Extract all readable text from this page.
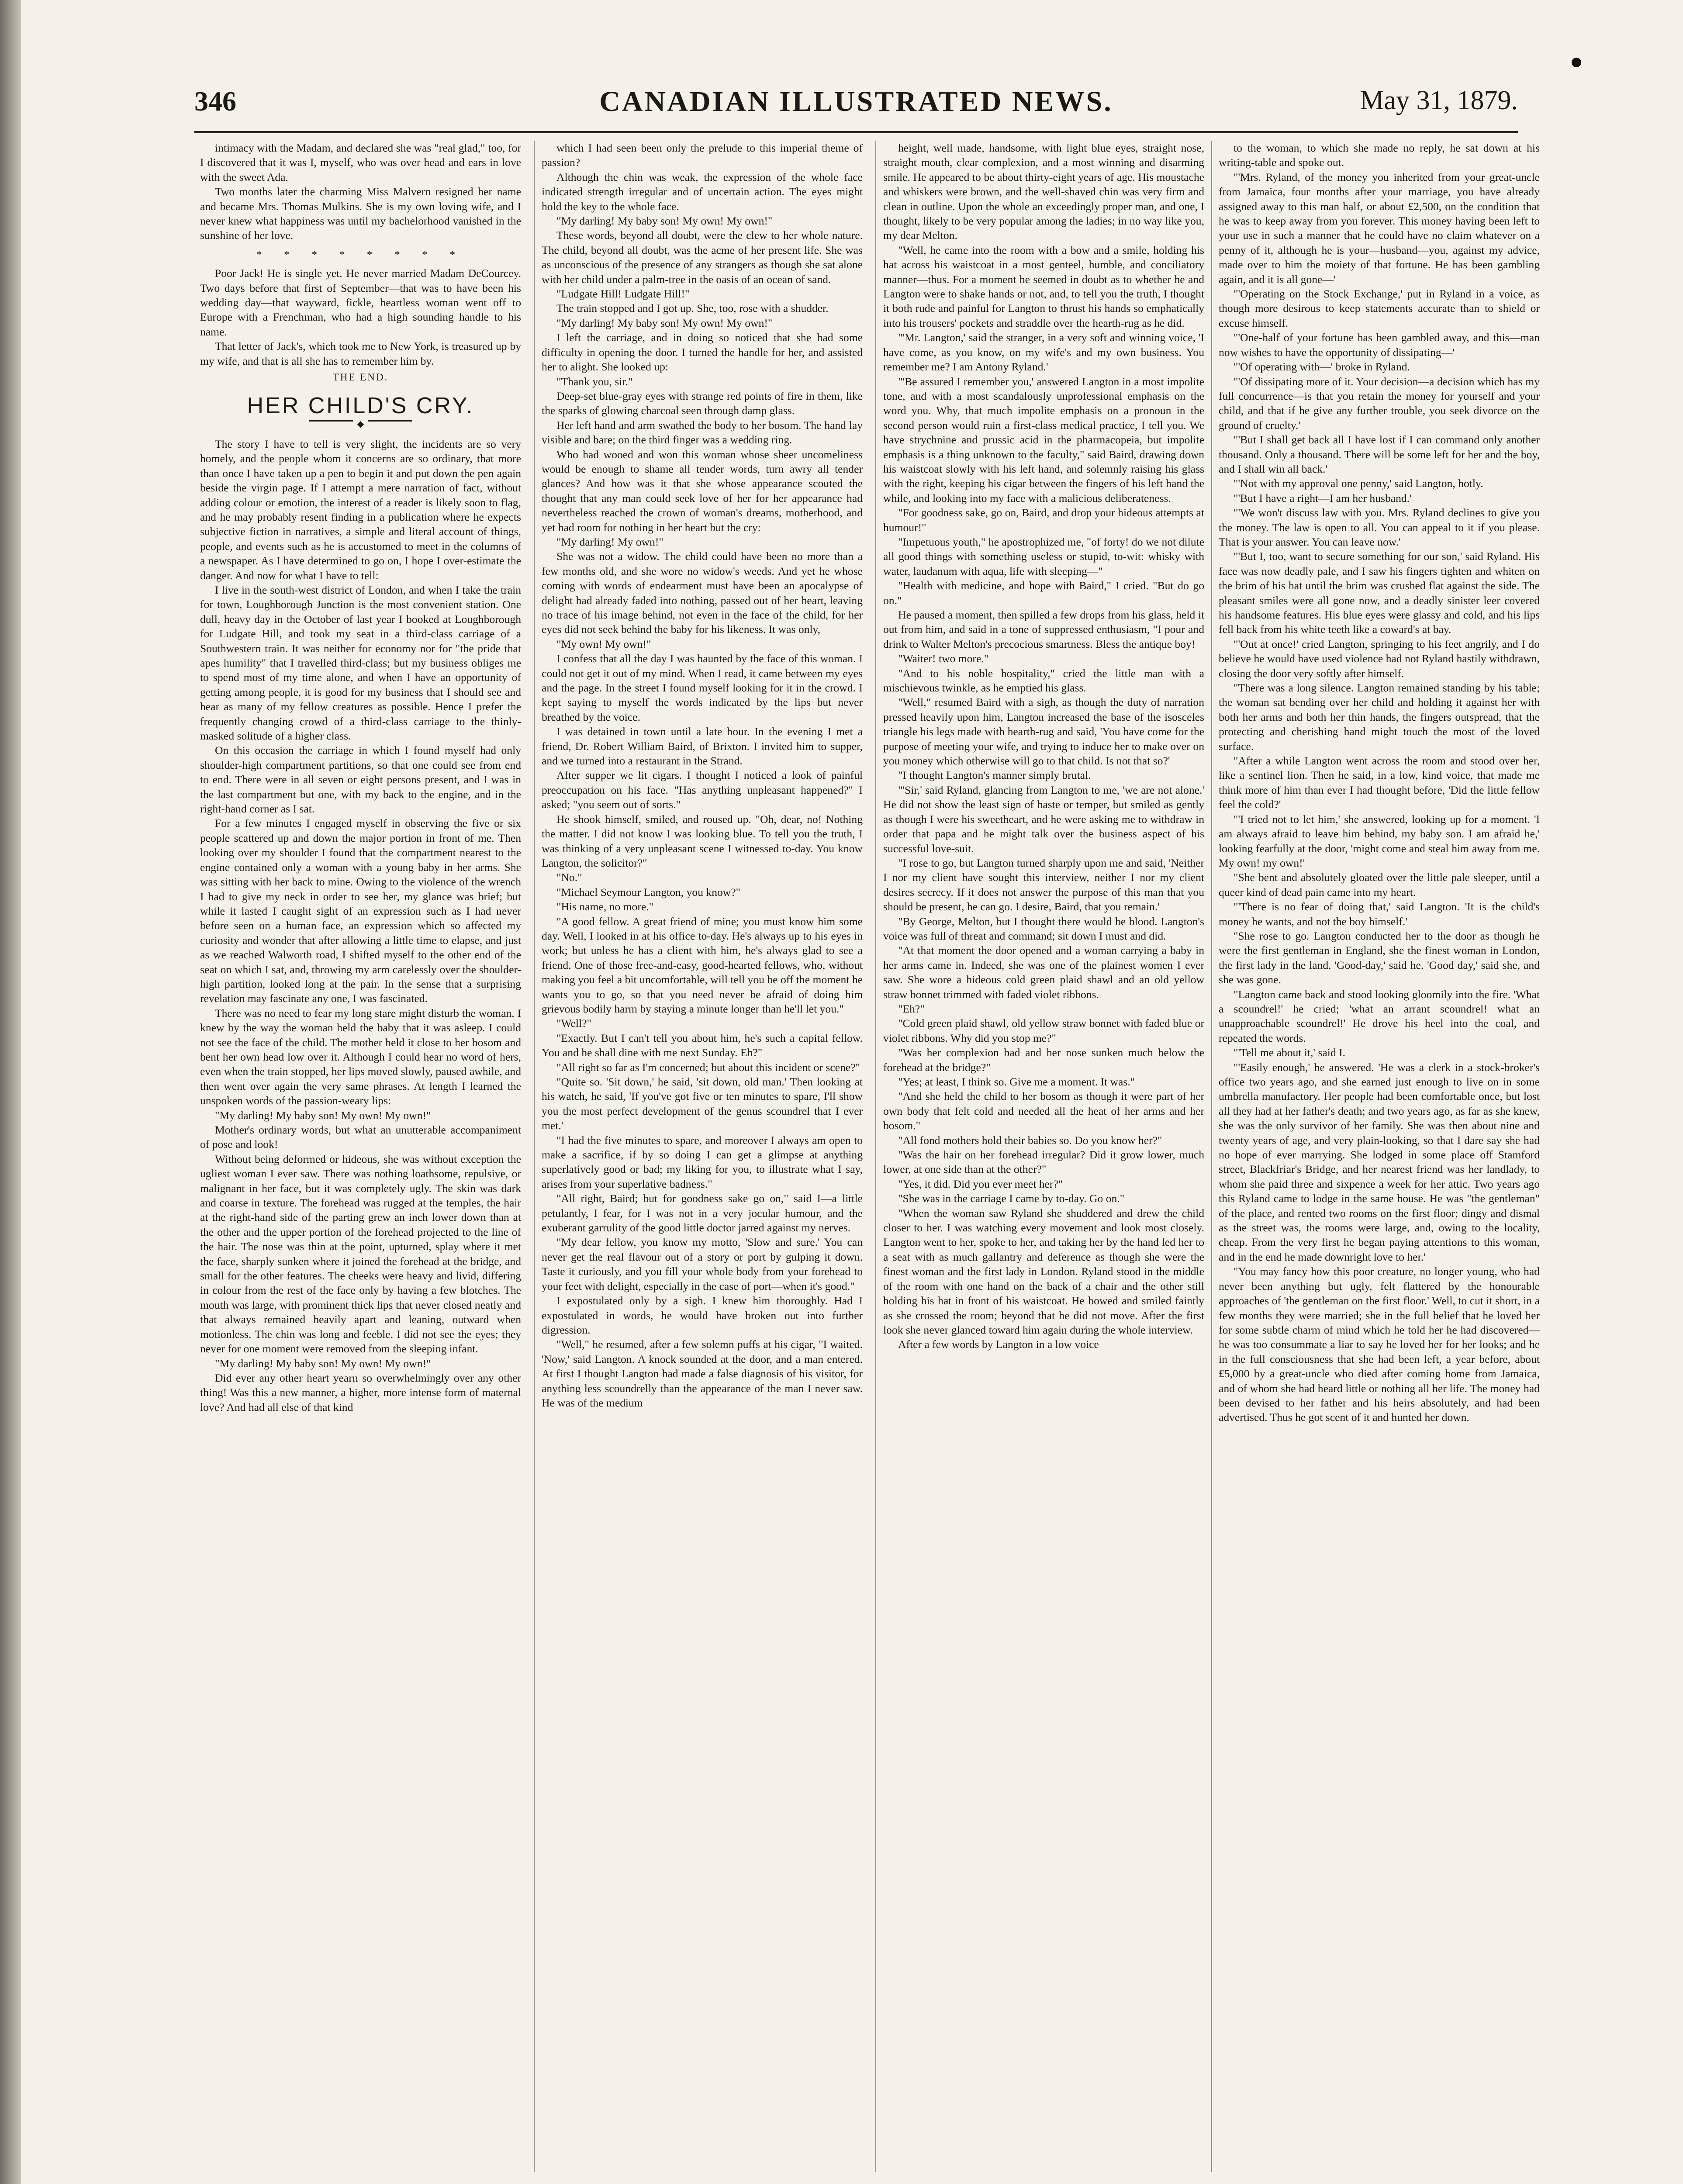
346	CANADIAN ILLUSTRATED NEWS.	May 31, 1879.

intimacy with the Madam, and declared she was "real glad," too, for I discovered that it was I, myself, who was over head and ears in love with the sweet Ada.

Two months later the charming Miss Malvern resigned her name and became Mrs. Thomas Mulkins. She is my own loving wife, and I never knew what happiness was until my bachelorhood vanished in the sunshine of her love.

* * * * * * * *

Poor Jack! He is single yet. He never married Madam DeCourcey. Two days before that first of September—that was to have been his wedding day—that wayward, fickle, heartless woman went off to Europe with a Frenchman, who had a high sounding handle to his name.

That letter of Jack's, which took me to New York, is treasured up by my wife, and that is all she has to remember him by.

THE END.

HER CHILD'S CRY.
◆

The story I have to tell is very slight, the incidents are so very homely, and the people whom it concerns are so ordinary, that more than once I have taken up a pen to begin it and put down the pen again beside the virgin page. If I attempt a mere narration of fact, without adding colour or emotion, the interest of a reader is likely soon to flag, and he may probably resent finding in a publication where he expects subjective fiction in narratives, a simple and literal account of things, people, and events such as he is accustomed to meet in the columns of a newspaper. As I have determined to go on, I hope I over-estimate the danger. And now for what I have to tell:

I live in the south-west district of London, and when I take the train for town, Loughborough Junction is the most convenient station. One dull, heavy day in the October of last year I booked at Loughborough for Ludgate Hill, and took my seat in a third-class carriage of a Southwestern train. It was neither for economy nor for "the pride that apes humility" that I travelled third-class; but my business obliges me to spend most of my time alone, and when I have an opportunity of getting among people, it is good for my business that I should see and hear as many of my fellow creatures as possible. Hence I prefer the frequently changing crowd of a third-class carriage to the thinly-masked solitude of a higher class.

On this occasion the carriage in which I found myself had only shoulder-high compartment partitions, so that one could see from end to end. There were in all seven or eight persons present, and I was in the last compartment but one, with my back to the engine, and in the right-hand corner as I sat.

For a few minutes I engaged myself in observing the five or six people scattered up and down the major portion in front of me. Then looking over my shoulder I found that the compartment nearest to the engine contained only a woman with a young baby in her arms. She was sitting with her back to mine. Owing to the violence of the wrench I had to give my neck in order to see her, my glance was brief; but while it lasted I caught sight of an expression such as I had never before seen on a human face, an expression which so affected my curiosity and wonder that after allowing a little time to elapse, and just as we reached Walworth road, I shifted myself to the other end of the seat on which I sat, and, throwing my arm carelessly over the shoulder-high partition, looked long at the pair. In the sense that a surprising revelation may fascinate any one, I was fascinated.

There was no need to fear my long stare might disturb the woman. I knew by the way the woman held the baby that it was asleep. I could not see the face of the child. The mother held it close to her bosom and bent her own head low over it. Although I could hear no word of hers, even when the train stopped, her lips moved slowly, paused awhile, and then went over again the very same phrases. At length I learned the unspoken words of the passion-weary lips:

"My darling! My baby son! My own! My own!"

Mother's ordinary words, but what an unutterable accompaniment of pose and look!

Without being deformed or hideous, she was without exception the ugliest woman I ever saw. There was nothing loathsome, repulsive, or malignant in her face, but it was completely ugly. The skin was dark and coarse in texture. The forehead was rugged at the temples, the hair at the right-hand side of the parting grew an inch lower down than at the other and the upper portion of the forehead projected to the line of the hair. The nose was thin at the point, upturned, splay where it met the face, sharply sunken where it joined the forehead at the bridge, and small for the other features. The cheeks were heavy and livid, differing in colour from the rest of the face only by having a few blotches. The mouth was large, with prominent thick lips that never closed neatly and that always remained heavily apart and leaning, outward when motionless. The chin was long and feeble. I did not see the eyes; they never for one moment were removed from the sleeping infant.

"My darling! My baby son! My own! My own!"

Did ever any other heart yearn so overwhelmingly over any other thing! Was this a new manner, a higher, more intense form of maternal love? And had all else of that kind

which I had seen been only the prelude to this imperial theme of passion?

Although the chin was weak, the expression of the whole face indicated strength irregular and of uncertain action. The eyes might hold the key to the whole face.

"My darling! My baby son! My own! My own!"

These words, beyond all doubt, were the clew to her whole nature. The child, beyond all doubt, was the acme of her present life. She was as unconscious of the presence of any strangers as though she sat alone with her child under a palm-tree in the oasis of an ocean of sand.

"Ludgate Hill! Ludgate Hill!"

The train stopped and I got up. She, too, rose with a shudder.

"My darling! My baby son! My own! My own!"

I left the carriage, and in doing so noticed that she had some difficulty in opening the door. I turned the handle for her, and assisted her to alight. She looked up:

"Thank you, sir."

Deep-set blue-gray eyes with strange red points of fire in them, like the sparks of glowing charcoal seen through damp glass.

Her left hand and arm swathed the body to her bosom. The hand lay visible and bare; on the third finger was a wedding ring.

Who had wooed and won this woman whose sheer uncomeliness would be enough to shame all tender words, turn awry all tender glances? And how was it that she whose appearance scouted the thought that any man could seek love of her for her appearance had nevertheless reached the crown of woman's dreams, motherhood, and yet had room for nothing in her heart but the cry:

"My darling! My own!"

She was not a widow. The child could have been no more than a few months old, and she wore no widow's weeds. And yet he whose coming with words of endearment must have been an apocalypse of delight had already faded into nothing, passed out of her heart, leaving no trace of his image behind, not even in the face of the child, for her eyes did not seek behind the baby for his likeness. It was only,

"My own! My own!"

I confess that all the day I was haunted by the face of this woman. I could not get it out of my mind. When I read, it came between my eyes and the page. In the street I found myself looking for it in the crowd. I kept saying to myself the words indicated by the lips but never breathed by the voice.

I was detained in town until a late hour. In the evening I met a friend, Dr. Robert William Baird, of Brixton. I invited him to supper, and we turned into a restaurant in the Strand.

After supper we lit cigars. I thought I noticed a look of painful preoccupation on his face. "Has anything unpleasant happened?" I asked; "you seem out of sorts."

He shook himself, smiled, and roused up. "Oh, dear, no! Nothing the matter. I did not know I was looking blue. To tell you the truth, I was thinking of a very unpleasant scene I witnessed to-day. You know Langton, the solicitor?"

"No."

"Michael Seymour Langton, you know?"

"His name, no more."

"A good fellow. A great friend of mine; you must know him some day. Well, I looked in at his office to-day. He's always up to his eyes in work; but unless he has a client with him, he's always glad to see a friend. One of those free-and-easy, good-hearted fellows, who, without making you feel a bit uncomfortable, will tell you be off the moment he wants you to go, so that you need never be afraid of doing him grievous bodily harm by staying a minute longer than he'll let you."

"Well?"

"Exactly. But I can't tell you about him, he's such a capital fellow. You and he shall dine with me next Sunday. Eh?"

"All right so far as I'm concerned; but about this incident or scene?"

"Quite so. 'Sit down,' he said, 'sit down, old man.' Then looking at his watch, he said, 'If you've got five or ten minutes to spare, I'll show you the most perfect development of the genus scoundrel that I ever met.'

"I had the five minutes to spare, and moreover I always am open to make a sacrifice, if by so doing I can get a glimpse at anything superlatively good or bad; my liking for you, to illustrate what I say, arises from your superlative badness."

"All right, Baird; but for goodness sake go on," said I—a little petulantly, I fear, for I was not in a very jocular humour, and the exuberant garrulity of the good little doctor jarred against my nerves.

"My dear fellow, you know my motto, 'Slow and sure.' You can never get the real flavour out of a story or port by gulping it down. Taste it curiously, and you fill your whole body from your forehead to your feet with delight, especially in the case of port—when it's good."

I expostulated only by a sigh. I knew him thoroughly. Had I expostulated in words, he would have broken out into further digression.

"Well," he resumed, after a few solemn puffs at his cigar, "I waited. 'Now,' said Langton. A knock sounded at the door, and a man entered. At first I thought Langton had made a false diagnosis of his visitor, for anything less scoundrelly than the appearance of the man I never saw. He was of the medium

height, well made, handsome, with light blue eyes, straight nose, straight mouth, clear complexion, and a most winning and disarming smile. He appeared to be about thirty-eight years of age. His moustache and whiskers were brown, and the well-shaved chin was very firm and clean in outline. Upon the whole an exceedingly proper man, and one, I thought, likely to be very popular among the ladies; in no way like you, my dear Melton.

"Well, he came into the room with a bow and a smile, holding his hat across his waistcoat in a most genteel, humble, and conciliatory manner—thus. For a moment he seemed in doubt as to whether he and Langton were to shake hands or not, and, to tell you the truth, I thought it both rude and painful for Langton to thrust his hands so emphatically into his trousers' pockets and straddle over the hearth-rug as he did.

"'Mr. Langton,' said the stranger, in a very soft and winning voice, 'I have come, as you know, on my wife's and my own business. You remember me? I am Antony Ryland.'

"'Be assured I remember you,' answered Langton in a most impolite tone, and with a most scandalously unprofessional emphasis on the word you. Why, that much impolite emphasis on a pronoun in the second person would ruin a first-class medical practice, I tell you. We have strychnine and prussic acid in the pharmacopeia, but impolite emphasis is a thing unknown to the faculty," said Baird, drawing down his waistcoat slowly with his left hand, and solemnly raising his glass with the right, keeping his cigar between the fingers of his left hand the while, and looking into my face with a malicious deliberateness.

"For goodness sake, go on, Baird, and drop your hideous attempts at humour!"

"Impetuous youth," he apostrophized me, "of forty! do we not dilute all good things with something useless or stupid, to-wit: whisky with water, laudanum with aqua, life with sleeping—"

"Health with medicine, and hope with Baird," I cried. "But do go on."

He paused a moment, then spilled a few drops from his glass, held it out from him, and said in a tone of suppressed enthusiasm, "I pour and drink to Walter Melton's precocious smartness. Bless the antique boy!

"Waiter! two more."

"And to his noble hospitality," cried the little man with a mischievous twinkle, as he emptied his glass.

"Well," resumed Baird with a sigh, as though the duty of narration pressed heavily upon him, Langton increased the base of the isosceles triangle his legs made with hearth-rug and said, 'You have come for the purpose of meeting your wife, and trying to induce her to make over on you money which otherwise will go to that child. Is not that so?'

"I thought Langton's manner simply brutal.

"'Sir,' said Ryland, glancing from Langton to me, 'we are not alone.' He did not show the least sign of haste or temper, but smiled as gently as though I were his sweetheart, and he were asking me to withdraw in order that papa and he might talk over the business aspect of his successful love-suit.

"I rose to go, but Langton turned sharply upon me and said, 'Neither I nor my client have sought this interview, neither I nor my client desires secrecy. If it does not answer the purpose of this man that you should be present, he can go. I desire, Baird, that you remain.'

"By George, Melton, but I thought there would be blood. Langton's voice was full of threat and command; sit down I must and did.

"At that moment the door opened and a woman carrying a baby in her arms came in. Indeed, she was one of the plainest women I ever saw. She wore a hideous cold green plaid shawl and an old yellow straw bonnet trimmed with faded violet ribbons.

"Eh?"

"Cold green plaid shawl, old yellow straw bonnet with faded blue or violet ribbons. Why did you stop me?"

"Was her complexion bad and her nose sunken much below the forehead at the bridge?"

"Yes; at least, I think so. Give me a moment. It was."

"And she held the child to her bosom as though it were part of her own body that felt cold and needed all the heat of her arms and her bosom."

"All fond mothers hold their babies so. Do you know her?"

"Was the hair on her forehead irregular? Did it grow lower, much lower, at one side than at the other?"

"Yes, it did. Did you ever meet her?"

"She was in the carriage I came by to-day. Go on."

"When the woman saw Ryland she shuddered and drew the child closer to her. I was watching every movement and look most closely. Langton went to her, spoke to her, and taking her by the hand led her to a seat with as much gallantry and deference as though she were the finest woman and the first lady in London. Ryland stood in the middle of the room with one hand on the back of a chair and the other still holding his hat in front of his waistcoat. He bowed and smiled faintly as she crossed the room; beyond that he did not move. After the first look she never glanced toward him again during the whole interview.

After a few words by Langton in a low voice

to the woman, to which she made no reply, he sat down at his writing-table and spoke out.

"'Mrs. Ryland, of the money you inherited from your great-uncle from Jamaica, four months after your marriage, you have already assigned away to this man half, or about £2,500, on the condition that he was to keep away from you forever. This money having been left to your use in such a manner that he could have no claim whatever on a penny of it, although he is your—husband—you, against my advice, made over to him the moiety of that fortune. He has been gambling again, and it is all gone—'

"'Operating on the Stock Exchange,' put in Ryland in a voice, as though more desirous to keep statements accurate than to shield or excuse himself.

"'One-half of your fortune has been gambled away, and this—man now wishes to have the opportunity of dissipating—'

"'Of operating with—' broke in Ryland.

"'Of dissipating more of it. Your decision—a decision which has my full concurrence—is that you retain the money for yourself and your child, and that if he give any further trouble, you seek divorce on the ground of cruelty.'

"'But I shall get back all I have lost if I can command only another thousand. Only a thousand. There will be some left for her and the boy, and I shall win all back.'

"'Not with my approval one penny,' said Langton, hotly.

"'But I have a right—I am her husband.'

"'We won't discuss law with you. Mrs. Ryland declines to give you the money. The law is open to all. You can appeal to it if you please. That is your answer. You can leave now.'

"'But I, too, want to secure something for our son,' said Ryland. His face was now deadly pale, and I saw his fingers tighten and whiten on the brim of his hat until the brim was crushed flat against the side. The pleasant smiles were all gone now, and a deadly sinister leer covered his handsome features. His blue eyes were glassy and cold, and his lips fell back from his white teeth like a coward's at bay.

"'Out at once!' cried Langton, springing to his feet angrily, and I do believe he would have used violence had not Ryland hastily withdrawn, closing the door very softly after himself.

"There was a long silence. Langton remained standing by his table; the woman sat bending over her child and holding it against her with both her arms and both her thin hands, the fingers outspread, that the protecting and cherishing hand might touch the most of the loved surface.

"After a while Langton went across the room and stood over her, like a sentinel lion. Then he said, in a low, kind voice, that made me think more of him than ever I had thought before, 'Did the little fellow feel the cold?'

"'I tried not to let him,' she answered, looking up for a moment. 'I am always afraid to leave him behind, my baby son. I am afraid he,' looking fearfully at the door, 'might come and steal him away from me. My own! my own!'

"She bent and absolutely gloated over the little pale sleeper, until a queer kind of dead pain came into my heart.

"'There is no fear of doing that,' said Langton. 'It is the child's money he wants, and not the boy himself.'

"She rose to go. Langton conducted her to the door as though he were the first gentleman in England, she the finest woman in London, the first lady in the land. 'Good-day,' said he. 'Good day,' said she, and she was gone.

"Langton came back and stood looking gloomily into the fire. 'What a scoundrel!' he cried; 'what an arrant scoundrel! what an unapproachable scoundrel!' He drove his heel into the coal, and repeated the words.

"'Tell me about it,' said I.

"'Easily enough,' he answered. 'He was a clerk in a stock-broker's office two years ago, and she earned just enough to live on in some umbrella manufactory. Her people had been comfortable once, but lost all they had at her father's death; and two years ago, as far as she knew, she was the only survivor of her family. She was then about nine and twenty years of age, and very plain-looking, so that I dare say she had no hope of ever marrying. She lodged in some place off Stamford street, Blackfriar's Bridge, and her nearest friend was her landlady, to whom she paid three and sixpence a week for her attic. Two years ago this Ryland came to lodge in the same house. He was "the gentleman" of the place, and rented two rooms on the first floor; dingy and dismal as the street was, the rooms were large, and, owing to the locality, cheap. From the very first he began paying attentions to this woman, and in the end he made downright love to her.'

"You may fancy how this poor creature, no longer young, who had never been anything but ugly, felt flattered by the honourable approaches of 'the gentleman on the first floor.' Well, to cut it short, in a few months they were married; she in the full belief that he loved her for some subtle charm of mind which he told her he had discovered—he was too consummate a liar to say he loved her for her looks; and he in the full consciousness that she had been left, a year before, about £5,000 by a great-uncle who died after coming home from Jamaica, and of whom she had heard little or nothing all her life. The money had been devised to her father and his heirs absolutely, and had been advertised. Thus he got scent of it and hunted her down.
